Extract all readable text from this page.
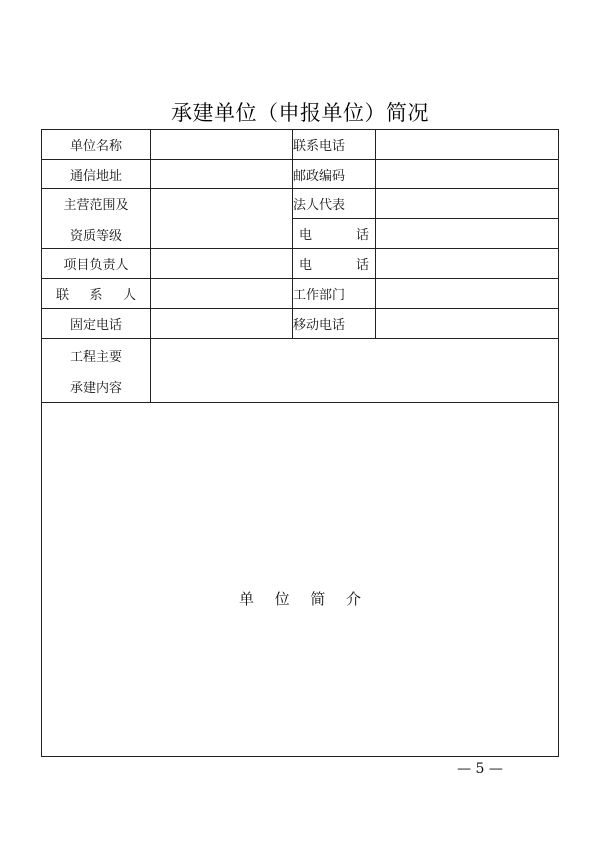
承建单位（申报单位）简况
单位名称		联系电话	
通信地址		邮政编码	

主营范围及
资质等级		法人代表	

		电 话	

项目负责人		电 话	

联 系 人		工作部门	
固定电话		移动电话	

工程主要
承建内容			

单 位 简 介			
— 5 —
